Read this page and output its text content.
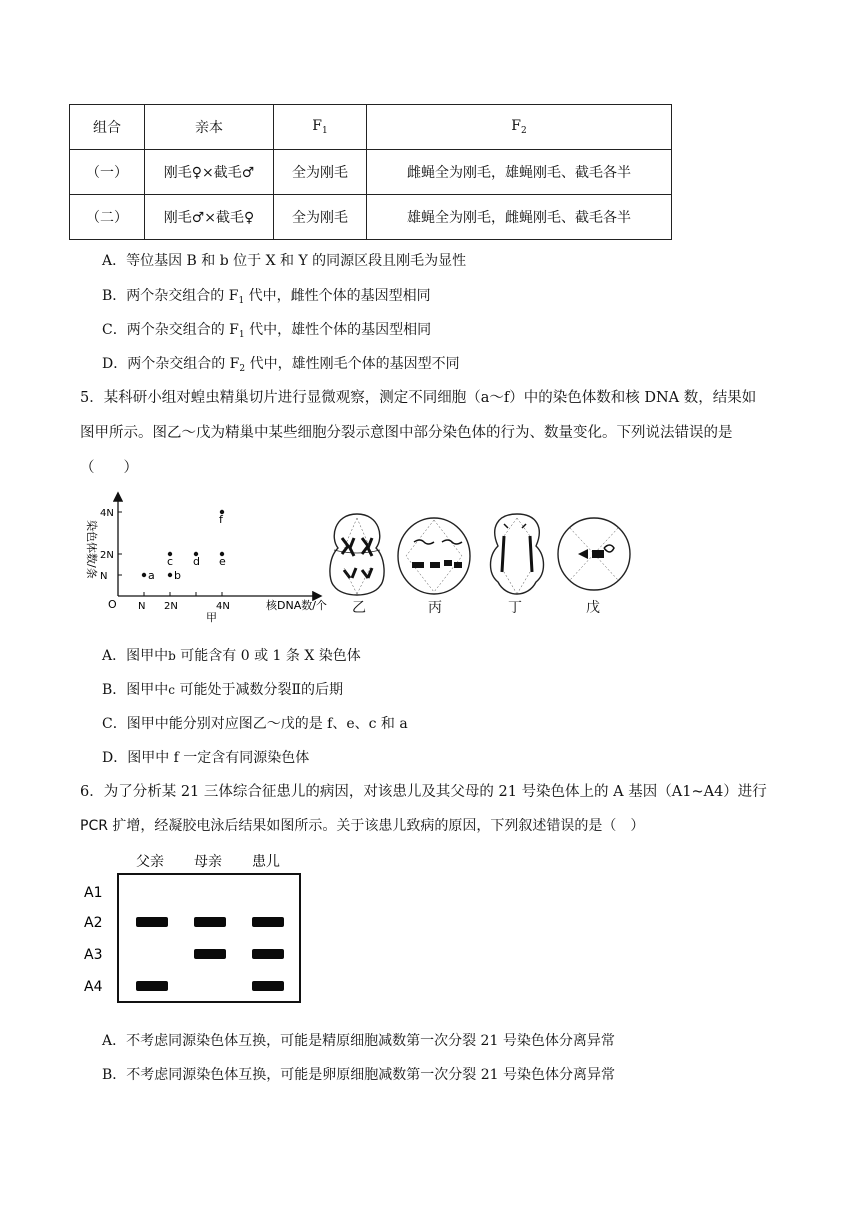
组合	亲本	$F_1$	$F_2$
（一）	刚毛♀×截毛♂	全为刚毛	雌蝇全为刚毛，雄蝇刚毛、截毛各半
（二）	刚毛♂×截毛♀	全为刚毛	雄蝇全为刚毛，雌蝇刚毛、截毛各半
A．等位基因 B 和 b 位于 X 和 Y 的同源区段且刚毛为显性
B．两个杂交组合的 $F_1$ 代中，雌性个体的基因型相同
C．两个杂交组合的 $F_1$ 代中，雄性个体的基因型相同
D．两个杂交组合的 $F_2$ 代中，雄性刚毛个体的基因型不同
5．某科研小组对蝗虫精巢切片进行显微观察，测定不同细胞（a～f）中的染色体数和核 DNA 数，结果如
图甲所示。图乙～戊为精巢中某些细胞分裂示意图中部分染色体的行为、数量变化。下列说法错误的是
（　　）
O
染色体数/条
核DNA数/个
甲
N 2N	4N
N
2N
4N
a b
c d e
f
乙	丙	丁	戊
A．图甲中b 可能含有 0 或 1 条 X 染色体
B．图甲中c 可能处于减数分裂Ⅱ的后期
C．图甲中能分别对应图乙～戊的是 f、e、c 和 a
D．图甲中 f 一定含有同源染色体
6．为了分析某 21 三体综合征患儿的病因，对该患儿及其父母的 21 号染色体上的 A 基因（A1~A4）进行
PCR 扩增，经凝胶电泳后结果如图所示。关于该患儿致病的原因，下列叙述错误的是（　）
父亲 母亲 患儿
A1
A2
A3
A4
A．不考虑同源染色体互换，可能是精原细胞减数第一次分裂 21 号染色体分离异常
B．不考虑同源染色体互换，可能是卵原细胞减数第一次分裂 21 号染色体分离异常
